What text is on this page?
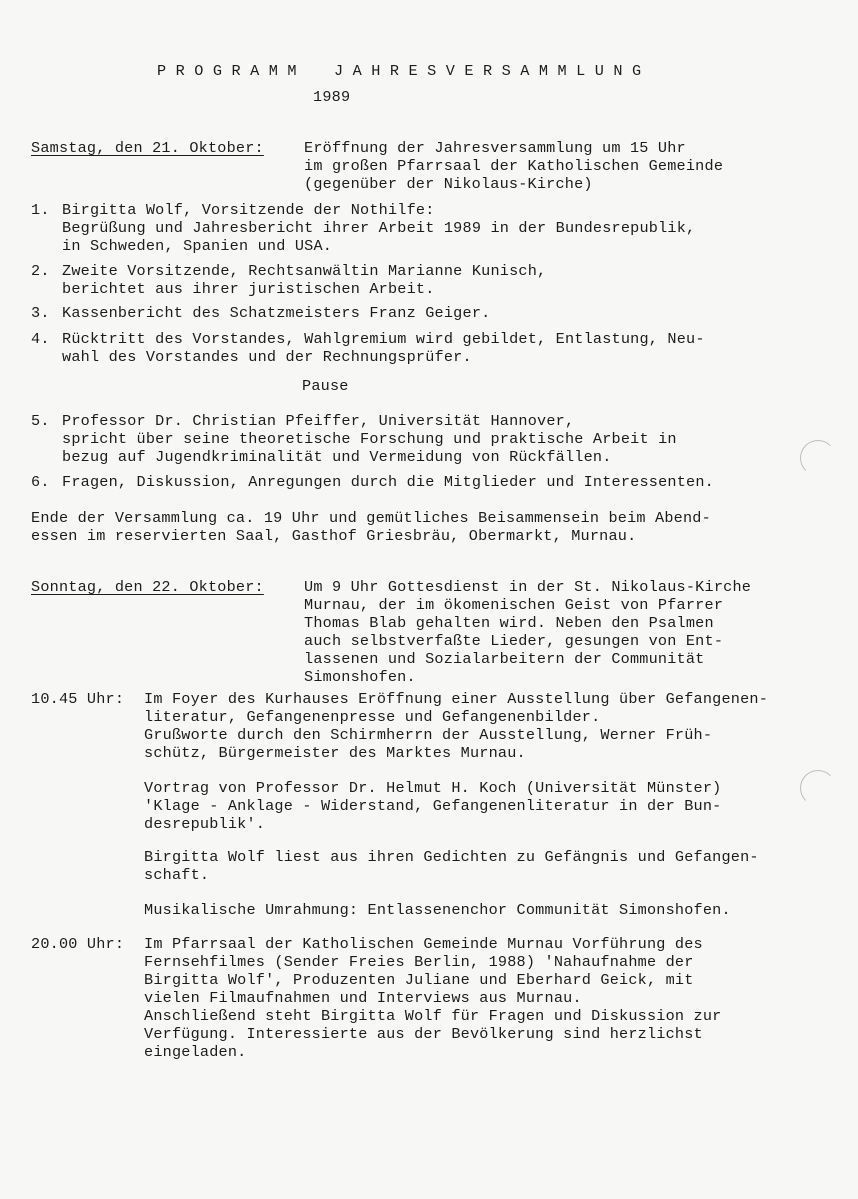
P R O G R A M M    J A H R E S V E R S A M M L U N G
1989
Samstag, den 21. Oktober:	Eröffnung der Jahresversammlung um 15 Uhr
im großen Pfarrsaal der Katholischen Gemeinde
(gegenüber der Nikolaus-Kirche)
1. Birgitta Wolf, Vorsitzende der Nothilfe:
Begrüßung und Jahresbericht ihrer Arbeit 1989 in der Bundesrepublik,
in Schweden, Spanien und USA.
2. Zweite Vorsitzende, Rechtsanwältin Marianne Kunisch,
berichtet aus ihrer juristischen Arbeit.
3. Kassenbericht des Schatzmeisters Franz Geiger.
4. Rücktritt des Vorstandes, Wahlgremium wird gebildet, Entlastung, Neu-
wahl des Vorstandes und der Rechnungsprüfer.
Pause
5. Professor Dr. Christian Pfeiffer, Universität Hannover,
spricht über seine theoretische Forschung und praktische Arbeit in
bezug auf Jugendkriminalität und Vermeidung von Rückfällen.
6. Fragen, Diskussion, Anregungen durch die Mitglieder und Interessenten.
Ende der Versammlung ca. 19 Uhr und gemütliches Beisammensein beim Abend-
essen im reservierten Saal, Gasthof Griesbräu, Obermarkt, Murnau.
Sonntag, den 22. Oktober:	Um 9 Uhr Gottesdienst in der St. Nikolaus-Kirche
Murnau, der im ökomenischen Geist von Pfarrer
Thomas Blab gehalten wird. Neben den Psalmen
auch selbstverfaßte Lieder, gesungen von Ent-
lassenen und Sozialarbeitern der Communität
Simonshofen.
10.45 Uhr: Im Foyer des Kurhauses Eröffnung einer Ausstellung über Gefangenen-
literatur, Gefangenenpresse und Gefangenenbilder.
Grußworte durch den Schirmherrn der Ausstellung, Werner Früh-
schütz, Bürgermeister des Marktes Murnau.
Vortrag von Professor Dr. Helmut H. Koch (Universität Münster)
'Klage - Anklage - Widerstand, Gefangenenliteratur in der Bun-
desrepublik'.
Birgitta Wolf liest aus ihren Gedichten zu Gefängnis und Gefangen-
schaft.
Musikalische Umrahmung: Entlassenenchor Communität Simonshofen.
20.00 Uhr: Im Pfarrsaal der Katholischen Gemeinde Murnau Vorführung des
Fernsehfilmes (Sender Freies Berlin, 1988) 'Nahaufnahme der
Birgitta Wolf', Produzenten Juliane und Eberhard Geick, mit
vielen Filmaufnahmen und Interviews aus Murnau.
Anschließend steht Birgitta Wolf für Fragen und Diskussion zur
Verfügung. Interessierte aus der Bevölkerung sind herzlichst
eingeladen.
